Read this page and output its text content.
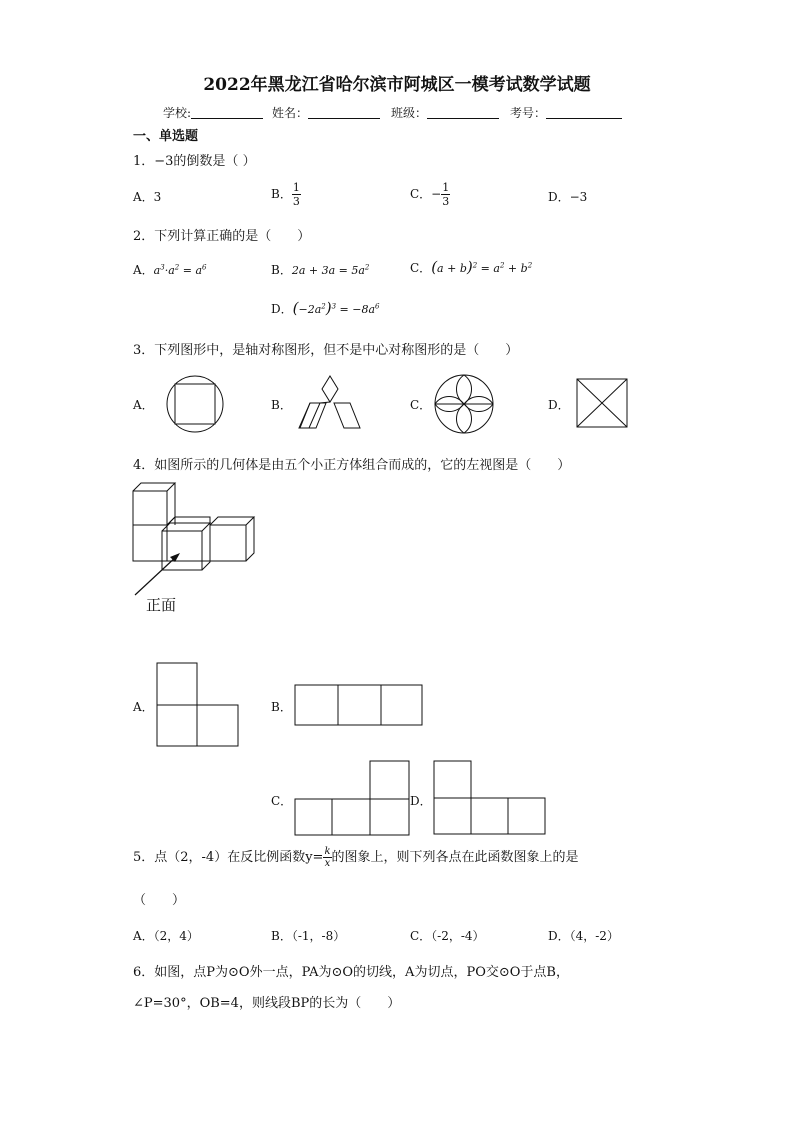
2022年黑龙江省哈尔滨市阿城区一模考试数学试题
学校:	姓名：	班级：	考号：
一、单选题
1．−3的倒数是（ ）
A．3	B． $\frac{1}{3}$	C．− $\frac{1}{3}$	D．−3
2．下列计算正确的是（　　）
A．$a^3\cdot a^2 = a^6$	B．$2a + 3a = 5a^2$	C．$(a + b)^2 = a^2 + b^2$
D．$(-2a^2)^3 = -8a^6$
3．下列图形中，是轴对称图形，但不是中心对称图形的是（　　）
A．	B．	C．	D．
4．如图所示的几何体是由五个小正方体组合而成的，它的左视图是（　　）
正面
A．	B．
C．	D．
5．点（2，-4）在反比例函数$y= \frac{k}{x}$ 的图象上，则下列各点在此函数图象上的是
（　　）
A．（2，4）	B．（-1，-8）	C．（-2，-4）	D．（4，-2）
6．如图，点P为⊙O外一点，PA为⊙O的切线，A为切点，PO交⊙O于点B，
∠P=30°，OB=4，则线段BP的长为（　　）
